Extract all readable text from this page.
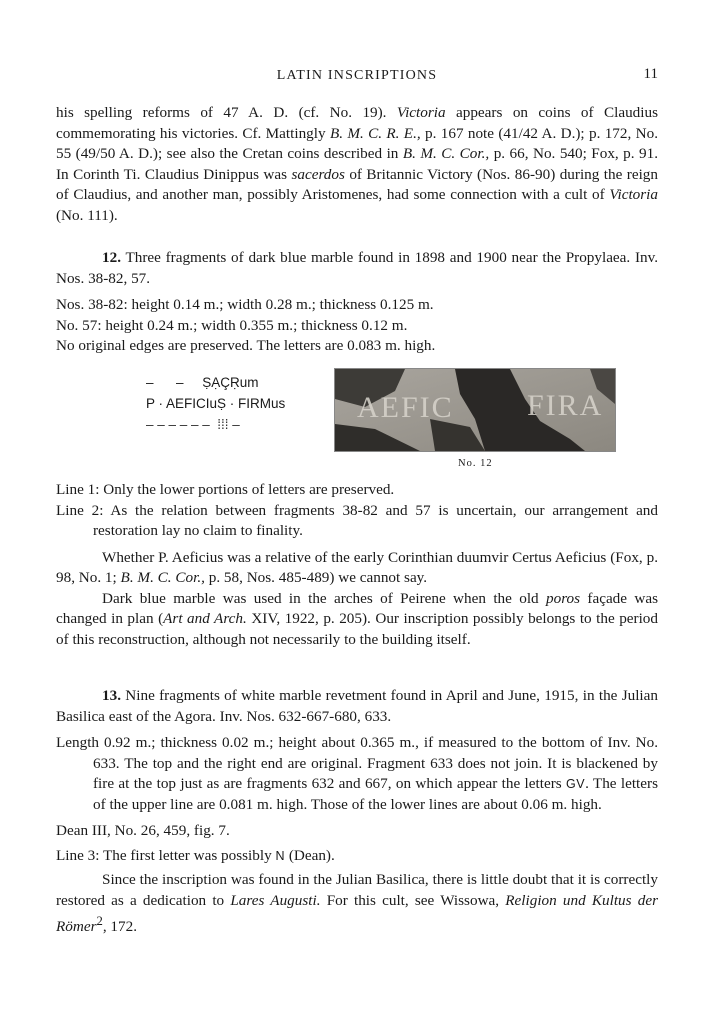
LATIN INSCRIPTIONS	11

his spelling reforms of 47 A. D. (cf. No. 19). Victoria appears on coins of Claudius commemorating his victories. Cf. Mattingly B. M. C. R. E., p. 167 note (41/42 A. D.); p. 172, No. 55 (49/50 A. D.); see also the Cretan coins described in B. M. C. Cor., p. 66, No. 540; Fox, p. 91. In Corinth Ti. Claudius Dinippus was sacerdos of Britannic Victory (Nos. 86-90) during the reign of Claudius, and another man, possibly Aristomenes, had some connection with a cult of Victoria (No. 111).

12. Three fragments of dark blue marble found in 1898 and 1900 near the Propylaea. Inv. Nos. 38-82, 57.

Nos. 38-82: height 0.14 m.; width 0.28 m.; thickness 0.125 m.

No. 57: height 0.24 m.; width 0.355 m.; thickness 0.12 m.

No original edges are preserved. The letters are 0.083 m. high.

–      –     ṢẠÇṚum
P · AEFICIuṢ · FIRMus
– – – – – –  ⁞⁞⁞ –
AEFIC FIRA
No. 12

Line 1: Only the lower portions of letters are preserved.

Line 2: As the relation between fragments 38-82 and 57 is uncertain, our arrangement and restoration lay no claim to finality.

Whether P. Aeficius was a relative of the early Corinthian duumvir Certus Aeficius (Fox, p. 98, No. 1; B. M. C. Cor., p. 58, Nos. 485-489) we cannot say.

Dark blue marble was used in the arches of Peirene when the old poros façade was changed in plan (Art and Arch. XIV, 1922, p. 205). Our inscription possibly belongs to the period of this reconstruction, although not necessarily to the building itself.

13. Nine fragments of white marble revetment found in April and June, 1915, in the Julian Basilica east of the Agora. Inv. Nos. 632-667-680, 633.

Length 0.92 m.; thickness 0.02 m.; height about 0.365 m., if measured to the bottom of Inv. No. 633. The top and the right end are original. Fragment 633 does not join. It is blackened by fire at the top just as are fragments 632 and 667, on which appear the letters GV. The letters of the upper line are 0.081 m. high. Those of the lower lines are about 0.06 m. high.

Dean III, No. 26, 459, fig. 7.

Line 3: The first letter was possibly N (Dean).

Since the inscription was found in the Julian Basilica, there is little doubt that it is correctly restored as a dedication to Lares Augusti. For this cult, see Wissowa, Religion und Kultus der Römer$^2$, 172.
